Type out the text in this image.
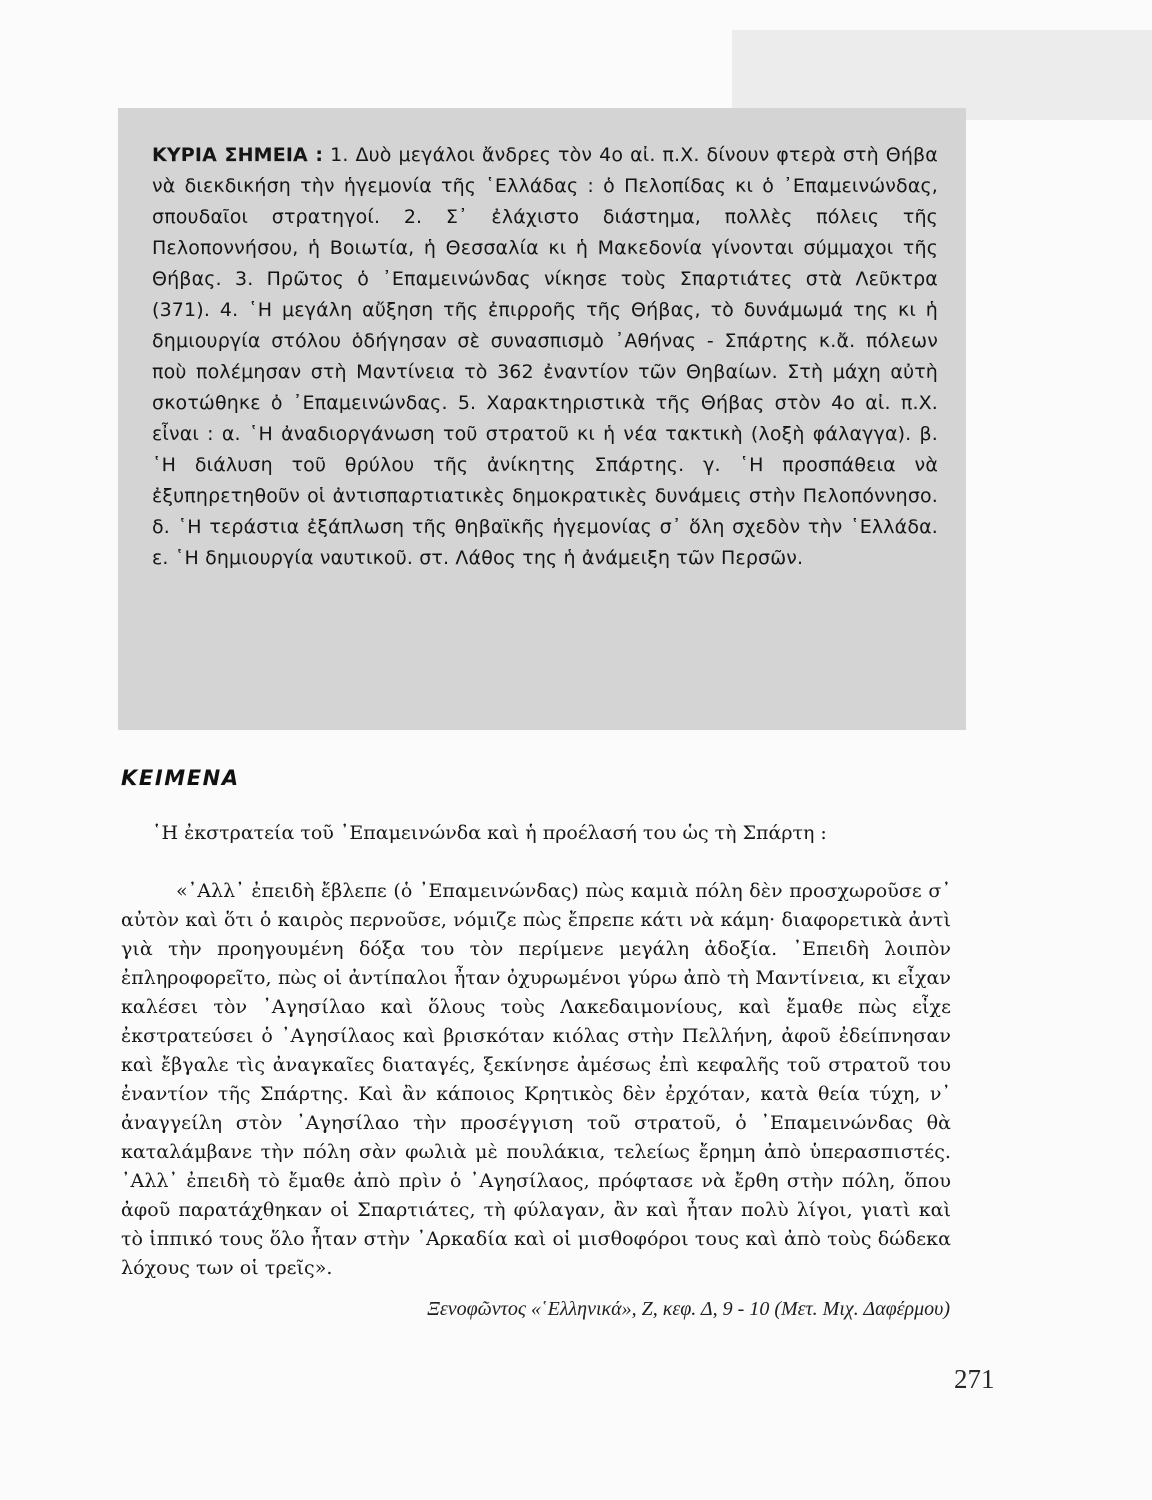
ΚΥΡΙΑ ΣΗΜΕΙΑ : 1. Δυὸ μεγάλοι ἄνδρες τὸν 4ο αἰ. π.Χ. δίνουν φτερὰ στὴ Θήβα νὰ διεκδικήση τὴν ἡγεμονία τῆς ῾Ελλάδας : ὁ Πελοπίδας κι ὁ ᾿Επαμεινώνδας, σπουδαῖοι στρατηγοί. 2. Σ᾿ ἐλάχιστο διάστημα, πολλὲς πόλεις τῆς Πελοποννήσου, ἡ Βοιωτία, ἡ Θεσσαλία κι ἡ Μακεδονία γίνονται σύμμαχοι τῆς Θήβας. 3. Πρῶτος ὁ ᾿Επαμεινώνδας νίκησε τοὺς Σπαρτιάτες στὰ Λεῦκτρα (371). 4. ῾Η μεγάλη αὔξηση τῆς ἐπιρροῆς τῆς Θήβας, τὸ δυνάμωμά της κι ἡ δημιουργία στόλου ὁδήγησαν σὲ συνασπισμὸ ᾿Αθήνας - Σπάρτης κ.ἄ. πόλεων ποὺ πολέμησαν στὴ Μαντίνεια τὸ 362 ἐναντίον τῶν Θηβαίων. Στὴ μάχη αὐτὴ σκοτώθηκε ὁ ᾿Επαμεινώνδας. 5. Χαρακτηριστικὰ τῆς Θήβας στὸν 4ο αἰ. π.Χ. εἶναι : α. ῾Η ἀναδιοργάνωση τοῦ στρατοῦ κι ἡ νέα τακτικὴ (λοξὴ φάλαγγα). β. ῾Η διάλυση τοῦ θρύλου τῆς ἀνίκητης Σπάρτης. γ. ῾Η προσπάθεια νὰ ἐξυπηρετηθοῦν οἱ ἀντισπαρτιατικὲς δημοκρατικὲς δυνάμεις στὴν Πελοπόννησο. δ. ῾Η τεράστια ἐξάπλωση τῆς θηβαϊκῆς ἡγεμονίας σ᾿ ὅλη σχεδὸν τὴν ῾Ελλάδα. ε. ῾Η δημιουργία ναυτικοῦ. στ. Λάθος της ἡ ἀνάμειξη τῶν Περσῶν.

ΚΕΙΜΕΝΑ

῾Η ἐκστρατεία τοῦ ᾿Επαμεινώνδα καὶ ἡ προέλασή του ὡς τὴ Σπάρτη :

«᾿Αλλ᾿ ἐπειδὴ ἔβλεπε (ὁ ᾿Επαμεινώνδας) πὼς καμιὰ πόλη δὲν προσχωροῦσε σ᾿ αὐτὸν καὶ ὅτι ὁ καιρὸς περνοῦσε, νόμιζε πὼς ἔπρεπε κάτι νὰ κάμη· διαφορετικὰ ἀντὶ γιὰ τὴν προηγουμένη δόξα του τὸν περίμενε μεγάλη ἀδοξία. ᾿Επειδὴ λοιπὸν ἐπληροφορεῖτο, πὼς οἱ ἀντίπαλοι ἦταν ὀχυρωμένοι γύρω ἀπὸ τὴ Μαντίνεια, κι εἶχαν καλέσει τὸν ᾿Αγησίλαο καὶ ὅλους τοὺς Λακεδαιμονίους, καὶ ἔμαθε πὼς εἶχε ἐκστρατεύσει ὁ ᾿Αγησίλαος καὶ βρισκόταν κιόλας στὴν Πελλήνη, ἀφοῦ ἐδείπνησαν καὶ ἔβγαλε τὶς ἀναγκαῖες διαταγές, ξεκίνησε ἀμέσως ἐπὶ κεφαλῆς τοῦ στρατοῦ του ἐναντίον τῆς Σπάρτης. Καὶ ἂν κάποιος Κρητικὸς δὲν ἐρχόταν, κατὰ θεία τύχη, ν᾿ ἀναγγείλη στὸν ᾿Αγησίλαο τὴν προσέγγιση τοῦ στρατοῦ, ὁ ᾿Επαμεινώνδας θὰ καταλάμβανε τὴν πόλη σὰν φωλιὰ μὲ πουλάκια, τελείως ἔρημη ἀπὸ ὑπερασπιστές. ᾿Αλλ᾿ ἐπειδὴ τὸ ἔμαθε ἀπὸ πρὶν ὁ ᾿Αγησίλαος, πρόφτασε νὰ ἔρθη στὴν πόλη, ὅπου ἀφοῦ παρατάχθηκαν οἱ Σπαρτιάτες, τὴ φύλαγαν, ἂν καὶ ἦταν πολὺ λίγοι, γιατὶ καὶ τὸ ἱππικό τους ὅλο ἦταν στὴν ᾿Αρκαδία καὶ οἱ μισθοφόροι τους καὶ ἀπὸ τοὺς δώδεκα λόχους των οἱ τρεῖς».

Ξενοφῶντος «῾Ελληνικά», Ζ, κεφ. Δ, 9 - 10 (Μετ. Μιχ. Δαφέρμου)

271
